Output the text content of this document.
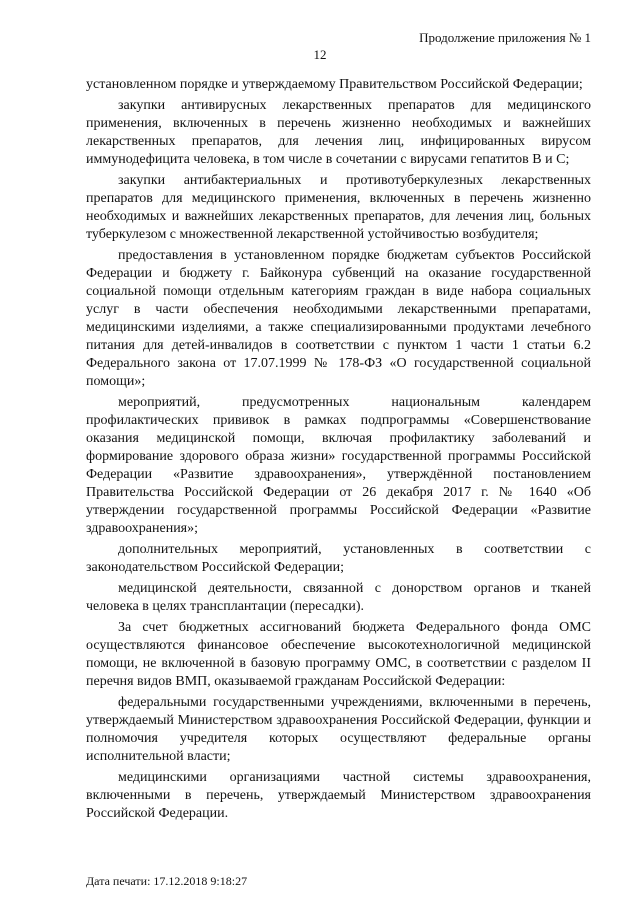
Продолжение приложения № 1
12

установленном порядке и утверждаемому Правительством Российской Федерации;

закупки антивирусных лекарственных препаратов для медицинского применения, включенных в перечень жизненно необходимых и важнейших лекарственных препаратов, для лечения лиц, инфицированных вирусом иммунодефицита человека, в том числе в сочетании с вирусами гепатитов В и С;

закупки антибактериальных и противотуберкулезных лекарственных препаратов для медицинского применения, включенных в перечень жизненно необходимых и важнейших лекарственных препаратов, для лечения лиц, больных туберкулезом с множественной лекарственной устойчивостью возбудителя;

предоставления в установленном порядке бюджетам субъектов Российской Федерации и бюджету г. Байконура субвенций на оказание государственной социальной помощи отдельным категориям граждан в виде набора социальных услуг в части обеспечения необходимыми лекарственными препаратами, медицинскими изделиями, а также специализированными продуктами лечебного питания для детей-инвалидов в соответствии с пунктом 1 части 1 статьи 6.2 Федерального закона от 17.07.1999 № 178-ФЗ «О государственной социальной помощи»;

мероприятий, предусмотренных национальным календарем профилактических прививок в рамках подпрограммы «Совершенствование оказания медицинской помощи, включая профилактику заболеваний и формирование здорового образа жизни» государственной программы Российской Федерации «Развитие здравоохранения», утверждённой постановлением Правительства Российской Федерации от 26 декабря 2017 г. № 1640 «Об утверждении государственной программы Российской Федерации «Развитие здравоохранения»;

дополнительных мероприятий, установленных в соответствии с законодательством Российской Федерации;

медицинской деятельности, связанной с донорством органов и тканей человека в целях трансплантации (пересадки).

За счет бюджетных ассигнований бюджета Федерального фонда ОМС осуществляются финансовое обеспечение высокотехнологичной медицинской помощи, не включенной в базовую программу ОМС, в соответствии с разделом II перечня видов ВМП, оказываемой гражданам Российской Федерации:

федеральными государственными учреждениями, включенными в перечень, утверждаемый Министерством здравоохранения Российской Федерации, функции и полномочия учредителя которых осуществляют федеральные органы исполнительной власти;

медицинскими организациями частной системы здравоохранения, включенными в перечень, утверждаемый Министерством здравоохранения Российской Федерации.

Дата печати: 17.12.2018 9:18:27
